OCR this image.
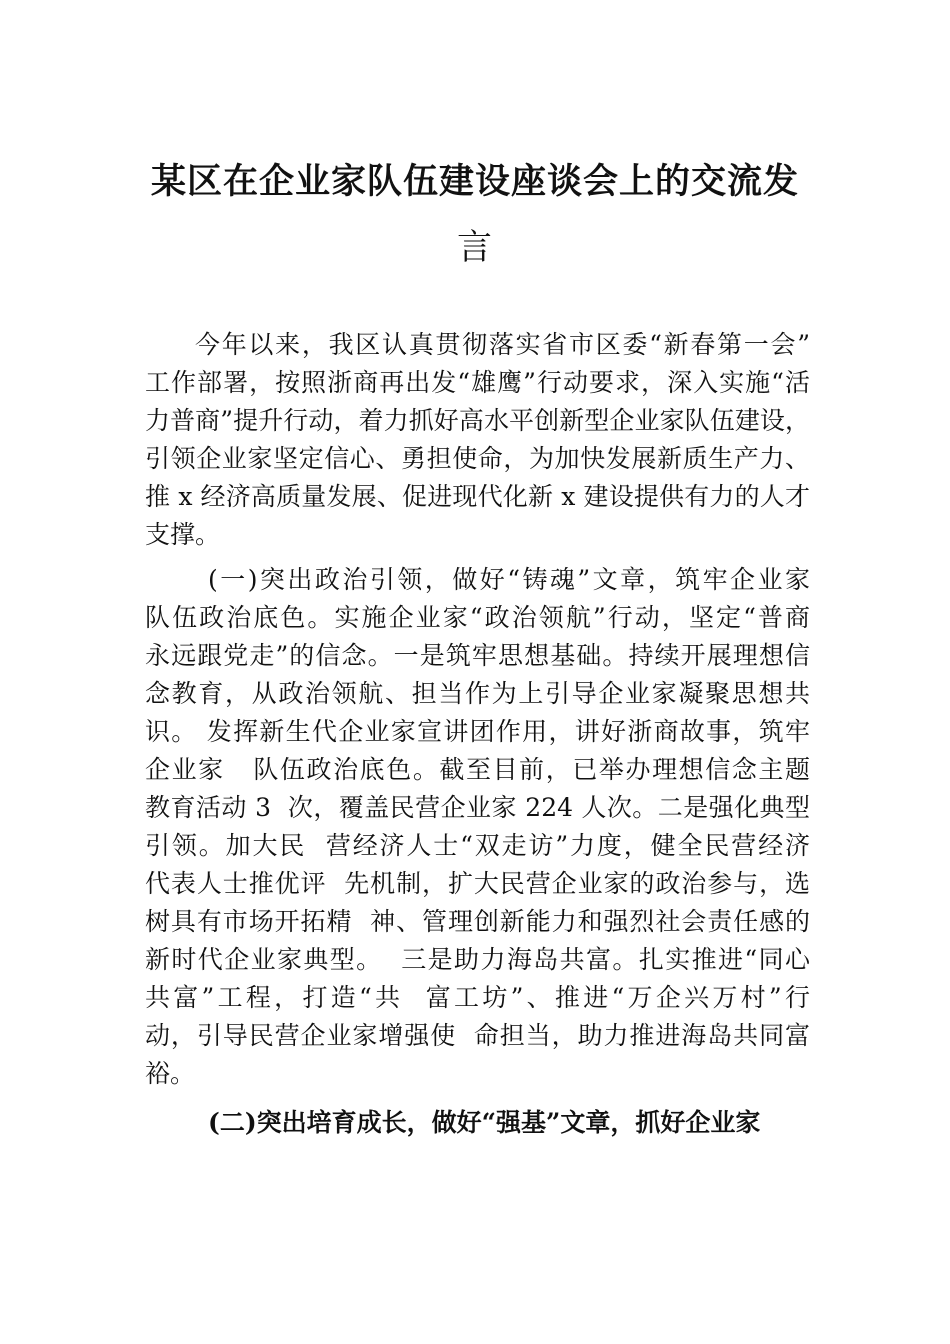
某区在企业家队伍建设座谈会上的交流发
言

今年以来，我区认真贯彻落实省市区委“新春第一会”

工作部署，按照浙商再出发“雄鹰”行动要求，深入实施“活

力普商”提升行动，着力抓好高水平创新型企业家队伍建设，

引领企业家坚定信心、勇担使命，为加快发展新质生产力、

推 x 经济高质量发展、促进现代化新 x 建设提供有力的人才

支撑。

(一)突出政治引领，做好“铸魂”文章，筑牢企业家

队伍政治底色。实施企业家“政治领航”行动，坚定“普商

永远跟党走”的信念。一是筑牢思想基础。持续开展理想信

念教育，从政治领航、担当作为上引导企业家凝聚思想共

识。 发挥新生代企业家宣讲团作用，讲好浙商故事，筑牢

企业家   队伍政治底色。截至目前，已举办理想信念主题

教育活动 3  次，覆盖民营企业家 224 人次。二是强化典型

引领。加大民  营经济人士“双走访”力度，健全民营经济

代表人士推优评  先机制，扩大民营企业家的政治参与，选

树具有市场开拓精  神、管理创新能力和强烈社会责任感的

新时代企业家典型。  三是助力海岛共富。扎实推进“同心

共富”工程，打造“共  富工坊”、推进“万企兴万村”行

动，引导民营企业家增强使  命担当，助力推进海岛共同富

裕。

(二)突出培育成长，做好“强基”文章，抓好企业家
